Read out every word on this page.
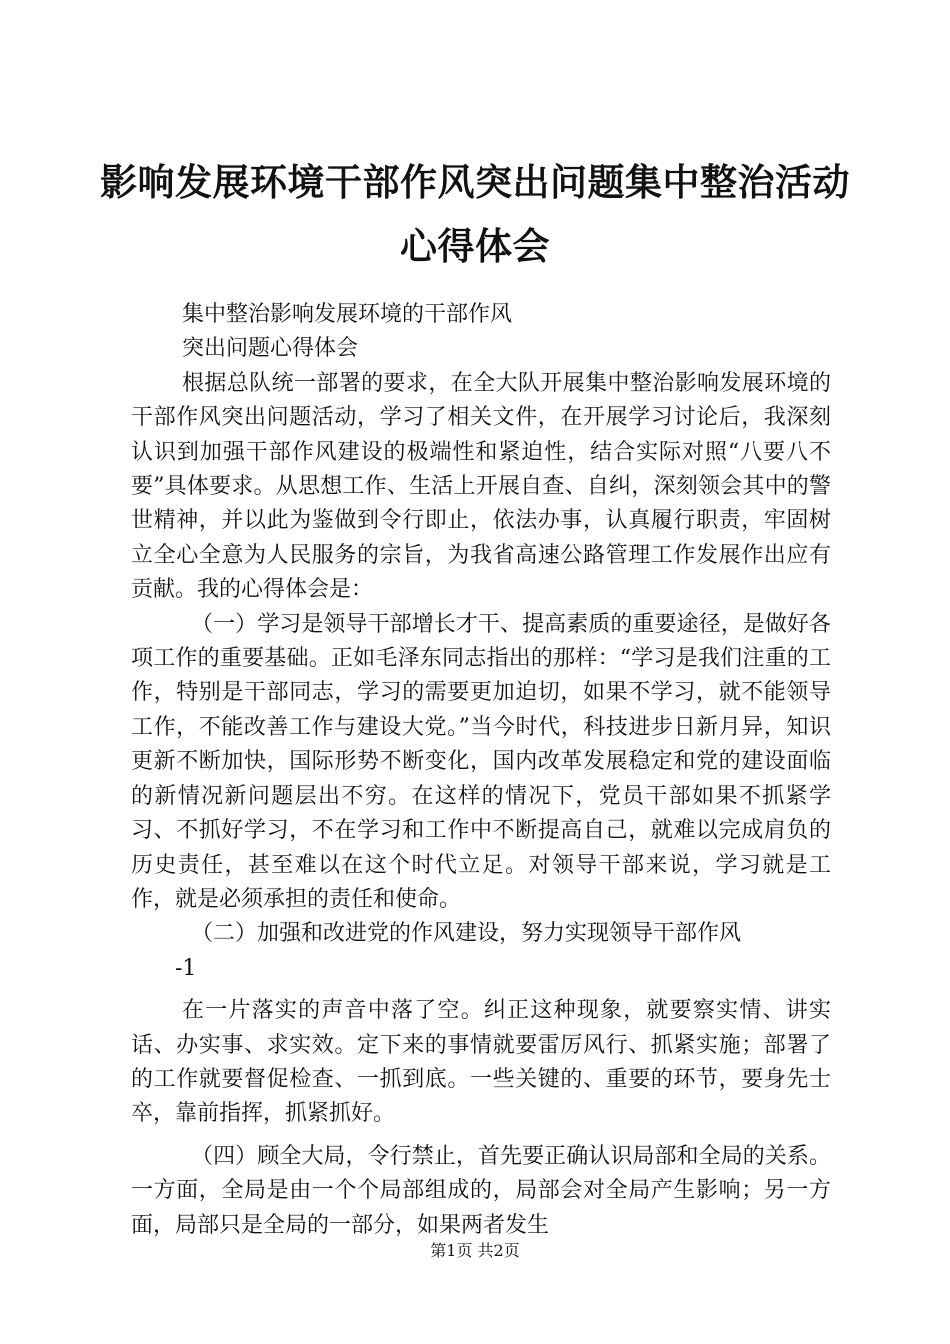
影响发展环境干部作风突出问题集中整治活动
心得体会

集中整治影响发展环境的干部作风

突出问题心得体会

根据总队统一部署的要求，在全大队开展集中整治影响发展环境的干部作风突出问题活动，学习了相关文件，在开展学习讨论后，我深刻认识到加强干部作风建设的极端性和紧迫性，结合实际对照“八要八不要”具体要求。从思想工作、生活上开展自查、自纠，深刻领会其中的警世精神，并以此为鉴做到令行即止，依法办事，认真履行职责，牢固树立全心全意为人民服务的宗旨，为我省高速公路管理工作发展作出应有贡献。我的心得体会是：

（一）学习是领导干部增长才干、提高素质的重要途径，是做好各项工作的重要基础。正如毛泽东同志指出的那样：“学习是我们注重的工作，特别是干部同志，学习的需要更加迫切，如果不学习，就不能领导工作，不能改善工作与建设大党。”当今时代，科技进步日新月异，知识更新不断加快，国际形势不断变化，国内改革发展稳定和党的建设面临的新情况新问题层出不穷。在这样的情况下，党员干部如果不抓紧学习、不抓好学习，不在学习和工作中不断提高自己，就难以完成肩负的历史责任，甚至难以在这个时代立足。对领导干部来说，学习就是工作，就是必须承担的责任和使命。

（二）加强和改进党的作风建设，努力实现领导干部作风

-1

在一片落实的声音中落了空。纠正这种现象，就要察实情、讲实话、办实事、求实效。定下来的事情就要雷厉风行、抓紧实施；部署了的工作就要督促检查、一抓到底。一些关键的、重要的环节，要身先士卒，靠前指挥，抓紧抓好。

（四）顾全大局，令行禁止，首先要正确认识局部和全局的关系。一方面，全局是由一个个局部组成的，局部会对全局产生影响；另一方面，局部只是全局的一部分，如果两者发生

第1页 共2页
